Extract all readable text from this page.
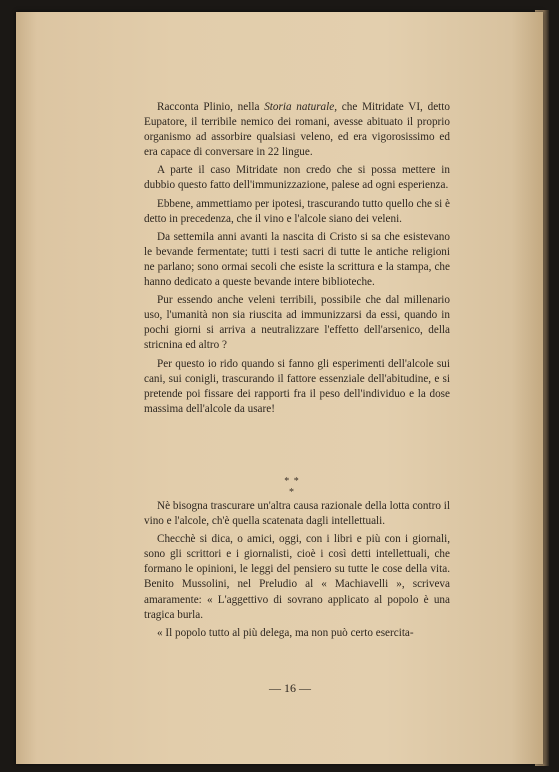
Racconta Plinio, nella Storia naturale, che Mitridate VI, detto Eupatore, il terribile nemico dei romani, avesse abituato il proprio organismo ad assorbire qualsiasi veleno, ed era vigorosissimo ed era capace di conversare in 22 lingue.

A parte il caso Mitridate non credo che si possa mettere in dubbio questo fatto dell'immunizzazione, palese ad ogni esperienza.

Ebbene, ammettiamo per ipotesi, trascurando tutto quello che si è detto in precedenza, che il vino e l'alcole siano dei veleni.

Da settemila anni avanti la nascita di Cristo si sa che esistevano le bevande fermentate; tutti i testi sacri di tutte le antiche religioni ne parlano; sono ormai secoli che esiste la scrittura e la stampa, che hanno dedicato a queste bevande intere biblioteche.

Pur essendo anche veleni terribili, possibile che dal millenario uso, l'umanità non sia riuscita ad immunizzarsi da essi, quando in pochi giorni si arriva a neutralizzare l'effetto dell'arsenico, della stricnina ed altro ?

Per questo io rido quando si fanno gli esperimenti dell'alcole sui cani, sui conigli, trascurando il fattore essenziale dell'abitudine, e si pretende poi fissare dei rapporti fra il peso dell'individuo e la dose massima dell'alcole da usare!

* * *

Nè bisogna trascurare un'altra causa razionale della lotta contro il vino e l'alcole, ch'è quella scatenata dagli intellettuali.

Checchè si dica, o amici, oggi, con i libri e più con i giornali, sono gli scrittori e i giornalisti, cioè i così detti intellettuali, che formano le opinioni, le leggi del pensiero su tutte le cose della vita. Benito Mussolini, nel Preludio al « Machiavelli », scriveva amaramente: « L'aggettivo di sovrano applicato al popolo è una tragica burla.

« Il popolo tutto al più delega, ma non può certo esercita-

— 16 —
